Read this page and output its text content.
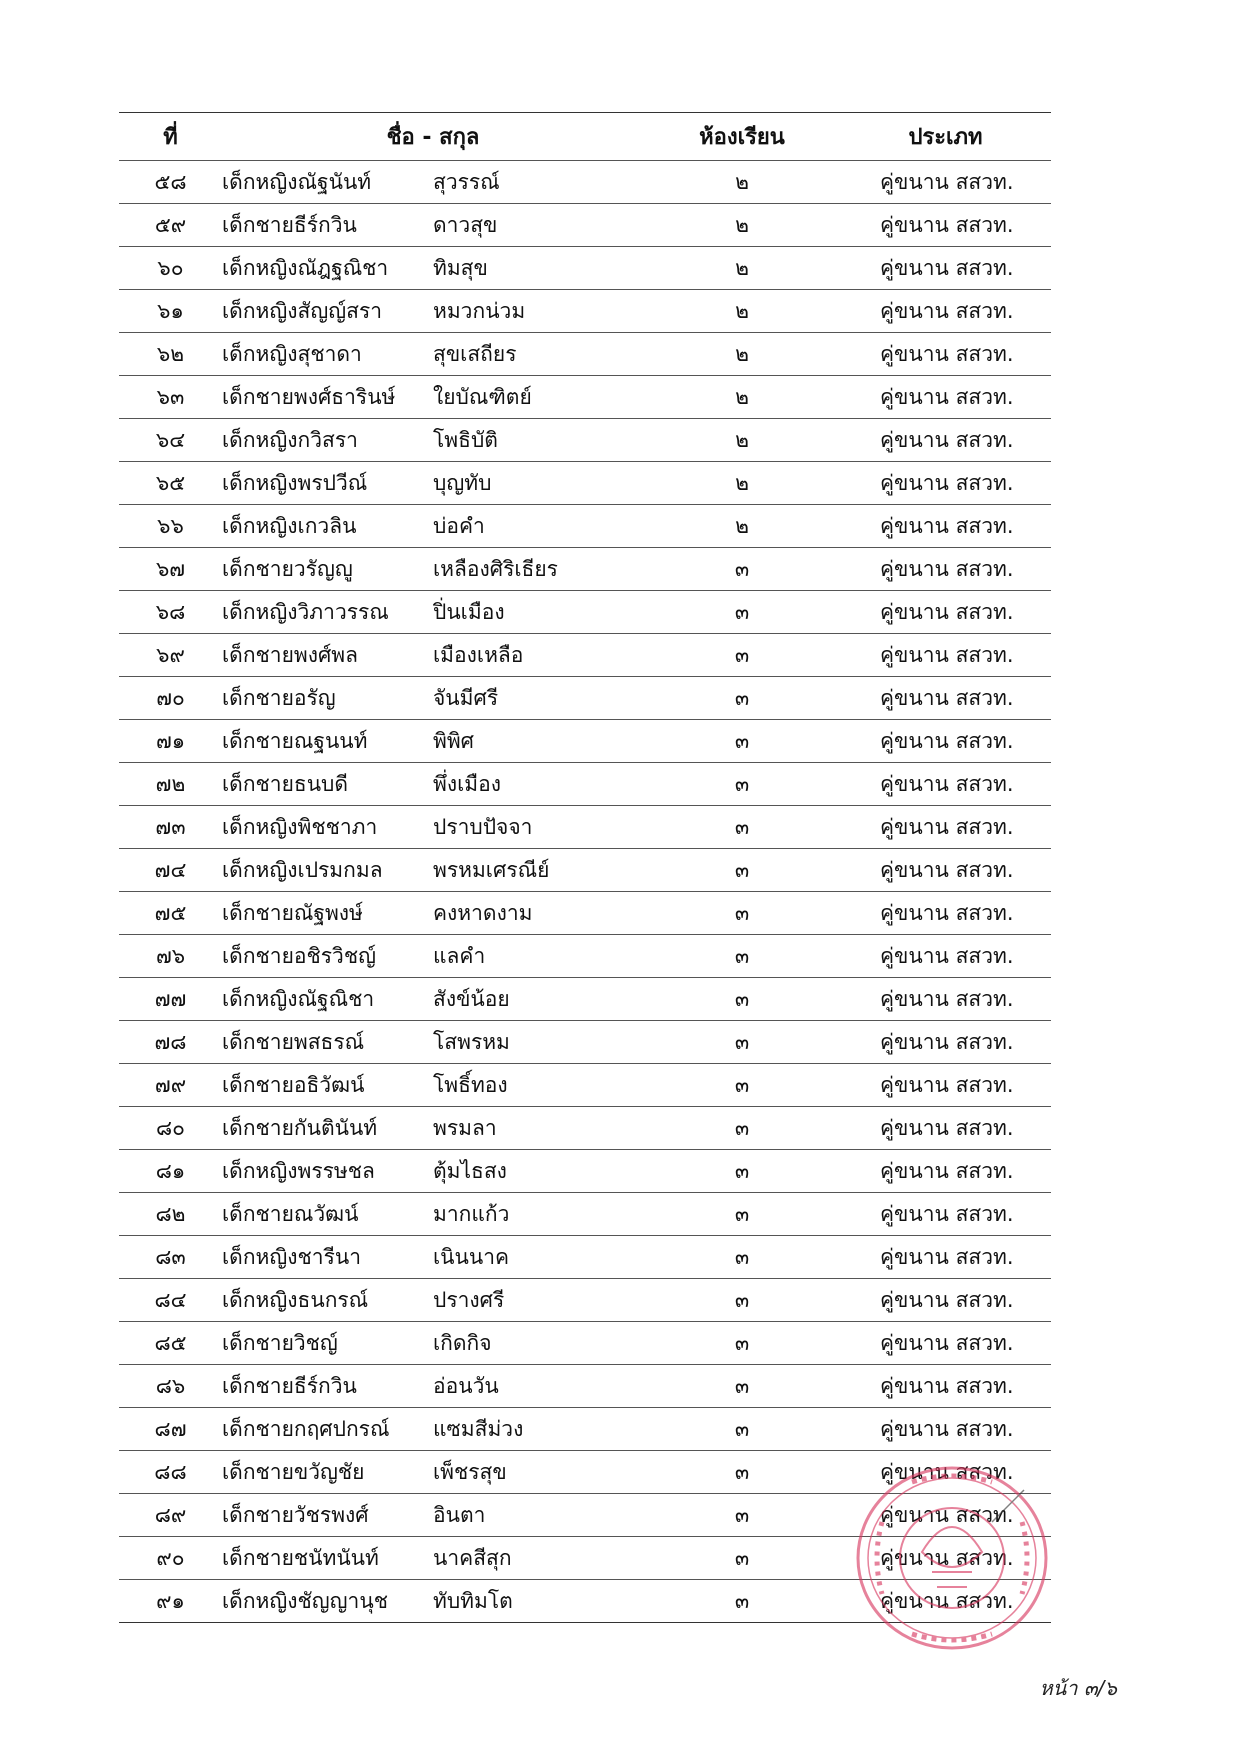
ที่	ชื่อ - สกุล		ห้องเรียน	ประเภท

๕๘	เด็กหญิงณัฐนันท์	สุวรรณ์	๒	คู่ขนาน สสวท.
๕๙	เด็กชายธีร์กวิน	ดาวสุข	๒	คู่ขนาน สสวท.
๖๐	เด็กหญิงณัฎฐณิชา	ทิมสุข	๒	คู่ขนาน สสวท.
๖๑	เด็กหญิงสัญญ์สรา	หมวกน่วม	๒	คู่ขนาน สสวท.
๖๒	เด็กหญิงสุชาดา	สุขเสถียร	๒	คู่ขนาน สสวท.
๖๓	เด็กชายพงศ์ธารินษ์	ใยบัณฑิตย์	๒	คู่ขนาน สสวท.
๖๔	เด็กหญิงกวิสรา	โพธิบัติ	๒	คู่ขนาน สสวท.
๖๕	เด็กหญิงพรปวีณ์	บุญทับ	๒	คู่ขนาน สสวท.
๖๖	เด็กหญิงเกวลิน	บ่อคำ	๒	คู่ขนาน สสวท.
๖๗	เด็กชายวรัญญู	เหลืองศิริเธียร	๓	คู่ขนาน สสวท.
๖๘	เด็กหญิงวิภาวรรณ	ปิ่นเมือง	๓	คู่ขนาน สสวท.
๖๙	เด็กชายพงศ์พล	เมืองเหลือ	๓	คู่ขนาน สสวท.
๗๐	เด็กชายอรัญ	จันมีศรี	๓	คู่ขนาน สสวท.
๗๑	เด็กชายณฐนนท์	พิพิศ	๓	คู่ขนาน สสวท.
๗๒	เด็กชายธนบดี	พึ่งเมือง	๓	คู่ขนาน สสวท.
๗๓	เด็กหญิงพิชชาภา	ปราบปัจจา	๓	คู่ขนาน สสวท.
๗๔	เด็กหญิงเปรมกมล	พรหมเศรณีย์	๓	คู่ขนาน สสวท.
๗๕	เด็กชายณัฐพงษ์	คงหาดงาม	๓	คู่ขนาน สสวท.
๗๖	เด็กชายอชิรวิชญ์	แลคำ	๓	คู่ขนาน สสวท.
๗๗	เด็กหญิงณัฐณิชา	สังข์น้อย	๓	คู่ขนาน สสวท.
๗๘	เด็กชายพสธรณ์	โสพรหม	๓	คู่ขนาน สสวท.
๗๙	เด็กชายอธิวัฒน์	โพธิ์ทอง	๓	คู่ขนาน สสวท.
๘๐	เด็กชายกันตินันท์	พรมลา	๓	คู่ขนาน สสวท.
๘๑	เด็กหญิงพรรษชล	ตุ้มไธสง	๓	คู่ขนาน สสวท.
๘๒	เด็กชายณวัฒน์	มากแก้ว	๓	คู่ขนาน สสวท.
๘๓	เด็กหญิงชารีนา	เนินนาค	๓	คู่ขนาน สสวท.
๘๔	เด็กหญิงธนกรณ์	ปรางศรี	๓	คู่ขนาน สสวท.
๘๕	เด็กชายวิชญ์	เกิดกิจ	๓	คู่ขนาน สสวท.
๘๖	เด็กชายธีร์กวิน	อ่อนวัน	๓	คู่ขนาน สสวท.
๘๗	เด็กชายกฤศปกรณ์	แซมสีม่วง	๓	คู่ขนาน สสวท.
๘๘	เด็กชายขวัญชัย	เพ็ชรสุข	๓	คู่ขนาน สสวท.
๘๙	เด็กชายวัชรพงศ์	อินตา	๓	คู่ขนาน สสวท.
๙๐	เด็กชายชนัทนันท์	นาคสีสุก	๓	คู่ขนาน สสวท.
๙๑	เด็กหญิงชัญญานุช	ทับทิมโต	๓	คู่ขนาน สสวท.
หน้า ๓/๖
